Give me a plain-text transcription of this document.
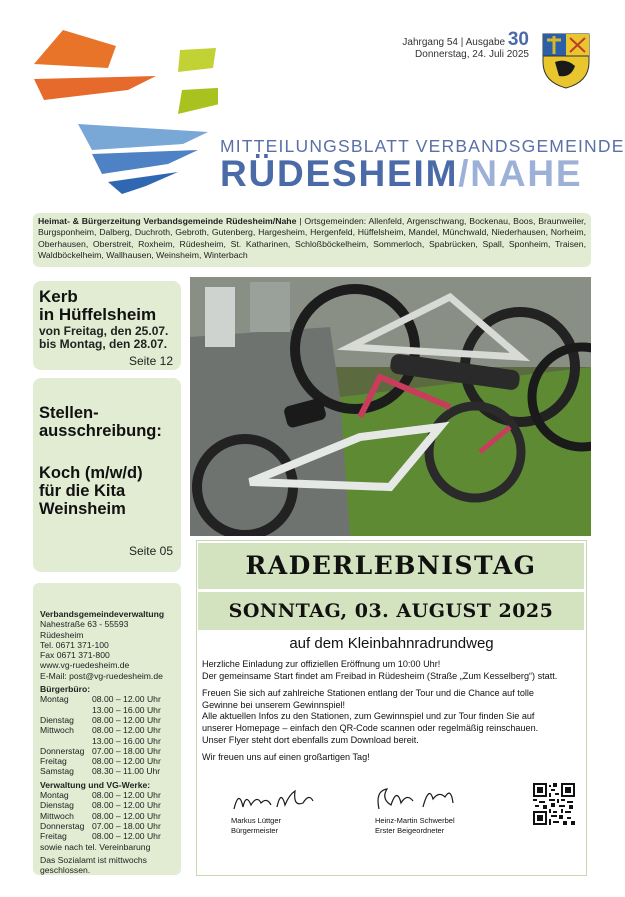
Jahrgang 54 | Ausgabe 30
Donnerstag, 24. Juli 2025
MITTEILUNGSBLATT VERBANDSGEMEINDE
RÜDESHEIM/NAHE

Heimat- & Bürgerzeitung Verbandsgemeinde Rüdesheim/Nahe | Ortsgemeinden: Allenfeld, Argenschwang, Bockenau, Boos, Braunweiler, Burgsponheim, Dalberg, Duchroth, Gebroth, Gutenberg, Hargesheim, Hergenfeld, Hüffelsheim, Mandel, Münchwald, Niederhausen, Norheim, Oberhausen, Oberstreit, Roxheim, Rüdesheim, St. Katharinen, Schloßböckelheim, Sommerloch, Spabrücken, Spall, Sponheim, Traisen, Waldböckelheim, Wallhausen, Weinsheim, Winterbach

Kerb
in Hüffelsheim
von Freitag, den 25.07.
bis Montag, den 28.07.
Seite 12
Stellen-
ausschreibung:
Koch (m/w/d)
für die Kita
Weinsheim
Seite 05
Verbandsgemeindeverwaltung
Nahestraße 63 - 55593 Rüdesheim
Tel. 0671 371-100
Fax 0671 371-800
www.vg-ruedesheim.de
E-Mail: post@vg-ruedesheim.de
Bürgerbüro:
Montag	08.00 – 12.00 Uhr
	13.00 – 16.00 Uhr
Dienstag	08.00 – 12.00 Uhr
Mittwoch	08.00 – 12.00 Uhr
	13.00 – 16.00 Uhr
Donnerstag	07.00 – 18.00 Uhr
Freitag	08.00 – 12.00 Uhr
Samstag	08.30 – 11.00 Uhr
Verwaltung und VG-Werke:
Montag	08.00 – 12.00 Uhr
Dienstag	08.00 – 12.00 Uhr
Mittwoch	08.00 – 12.00 Uhr
Donnerstag	07.00 – 18.00 Uhr
Freitag	08.00 – 12.00 Uhr
sowie nach tel. Vereinbarung
Das Sozialamt ist mittwochs
geschlossen.
RADERLEBNISTAG
SONNTAG, 03. AUGUST 2025
auf dem Kleinbahnradrundweg

Herzliche Einladung zur offiziellen Eröffnung um 10:00 Uhr!
Der gemeinsame Start findet am Freibad in Rüdesheim (Straße „Zum Kesselberg“) statt.

Freuen Sie sich auf zahlreiche Stationen entlang der Tour und die Chance auf tolle
Gewinne bei unserem Gewinnspiel!
Alle aktuellen Infos zu den Stationen, zum Gewinnspiel und zur Tour finden Sie auf
unserer Homepage – einfach den QR-Code scannen oder regelmäßig reinschauen.
Unser Flyer steht dort ebenfalls zum Download bereit.

Wir freuen uns auf einen großartigen Tag!

Markus Lüttger
Bürgermeister
Heinz-Martin Schwerbel
Erster Beigeordneter
